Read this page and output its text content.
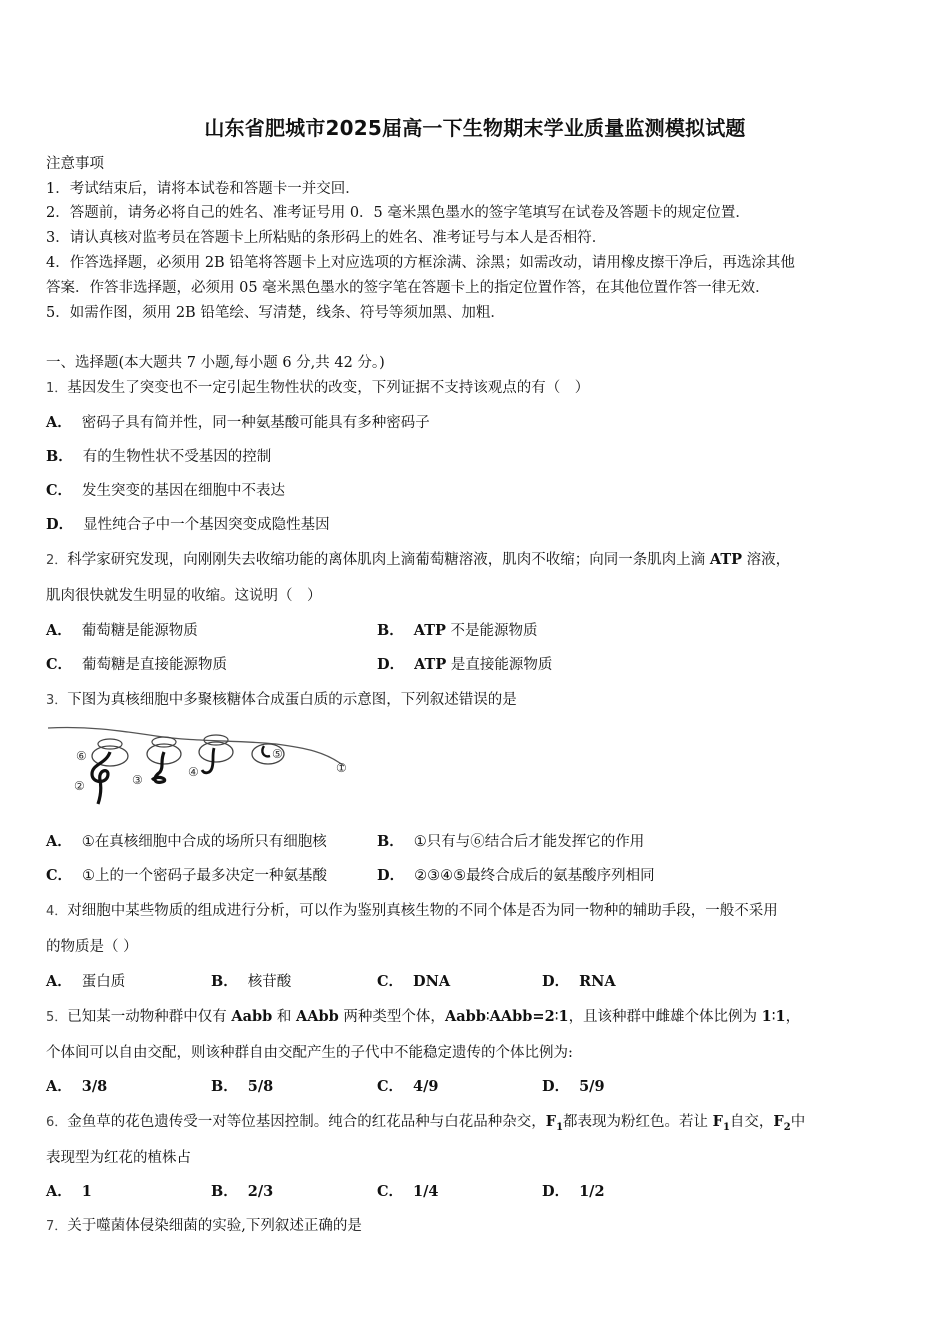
山东省肥城市2025届高一下生物期末学业质量监测模拟试题
注意事项
1．考试结束后，请将本试卷和答题卡一并交回．
2．答题前，请务必将自己的姓名、准考证号用 0．5 毫米黑色墨水的签字笔填写在试卷及答题卡的规定位置．
3．请认真核对监考员在答题卡上所粘贴的条形码上的姓名、准考证号与本人是否相符．
4．作答选择题，必须用 2B 铅笔将答题卡上对应选项的方框涂满、涂黑；如需改动，请用橡皮擦干净后，再选涂其他
答案．作答非选择题，必须用 05 毫米黑色墨水的签字笔在答题卡上的指定位置作答，在其他位置作答一律无效．
5．如需作图，须用 2B 铅笔绘、写清楚，线条、符号等须加黑、加粗．
一、选择题(本大题共 7 小题,每小题 6 分,共 42 分。)
1．基因发生了突变也不一定引起生物性状的改变，下列证据不支持该观点的有（　）
A． 密码子具有简并性，同一种氨基酸可能具有多种密码子
B． 有的生物性状不受基因的控制
C． 发生突变的基因在细胞中不表达
D． 显性纯合子中一个基因突变成隐性基因
2．科学家研究发现，向刚刚失去收缩功能的离体肌肉上滴葡萄糖溶液，肌肉不收缩；向同一条肌肉上滴 ATP 溶液，
肌肉很快就发生明显的收缩。这说明（　）
A． 葡萄糖是能源物质	B． ATP 不是能源物质
C． 葡萄糖是直接能源物质	D． ATP 是直接能源物质
3．下图为真核细胞中多聚核糖体合成蛋白质的示意图，下列叙述错误的是
⑥
②	③
④
⑤
①
A． ①在真核细胞中合成的场所只有细胞核	B． ①只有与⑥结合后才能发挥它的作用
C． ①上的一个密码子最多决定一种氨基酸	D． ②③④⑤最终合成后的氨基酸序列相同
4．对细胞中某些物质的组成进行分析，可以作为鉴别真核生物的不同个体是否为同一物种的辅助手段，一般不采用
的物质是（ ）
A． 蛋白质	B． 核苷酸	C． DNA	D． RNA
5．已知某一动物种群中仅有 Aabb 和 AAbb 两种类型个体，Aabb∶AAbb=2∶1，且该种群中雌雄个体比例为 1∶1，
个体间可以自由交配，则该种群自由交配产生的子代中不能稳定遗传的个体比例为:
A． 3/8	B． 5/8	C． 4/9	D． 5/9
6．金鱼草的花色遗传受一对等位基因控制。纯合的红花品种与白花品种杂交，$F_1$都表现为粉红色。若让 $F_1$自交，$F_2$中
表现型为红花的植株占
A． 1	B． 2/3	C． 1/4	D． 1/2
7．关于噬菌体侵染细菌的实验,下列叙述正确的是
